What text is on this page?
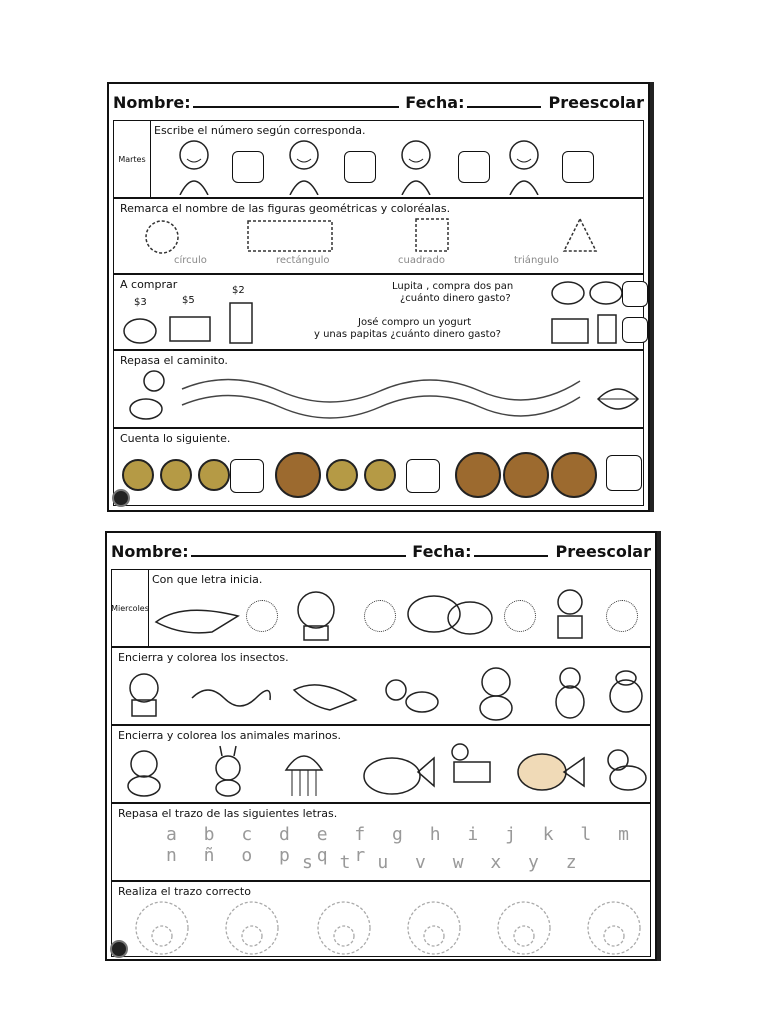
Nombre:	Fecha:	Preescolar
Martes
Escribe el número según corresponda.
Remarca el nombre de las figuras geométricas y coloréalas.
círculo	rectángulo	cuadrado	triángulo
A comprar
$3	$5
$2	Lupita , compra dos pan
¿cuánto dinero gasto?
José compro un yogurt
y unas papitas ¿cuánto dinero gasto?
Repasa el caminito.
Cuenta lo siguiente.
Nombre:	Fecha:	Preescolar
Miercoles
Con que letra inicia.
Encierra y colorea los insectos.
Encierra y colorea los animales marinos.
Repasa el trazo de las siguientes letras.
a b c d e f g h i j k l m n ñ o p q r
s t u v w x y z
Realiza el trazo correcto
